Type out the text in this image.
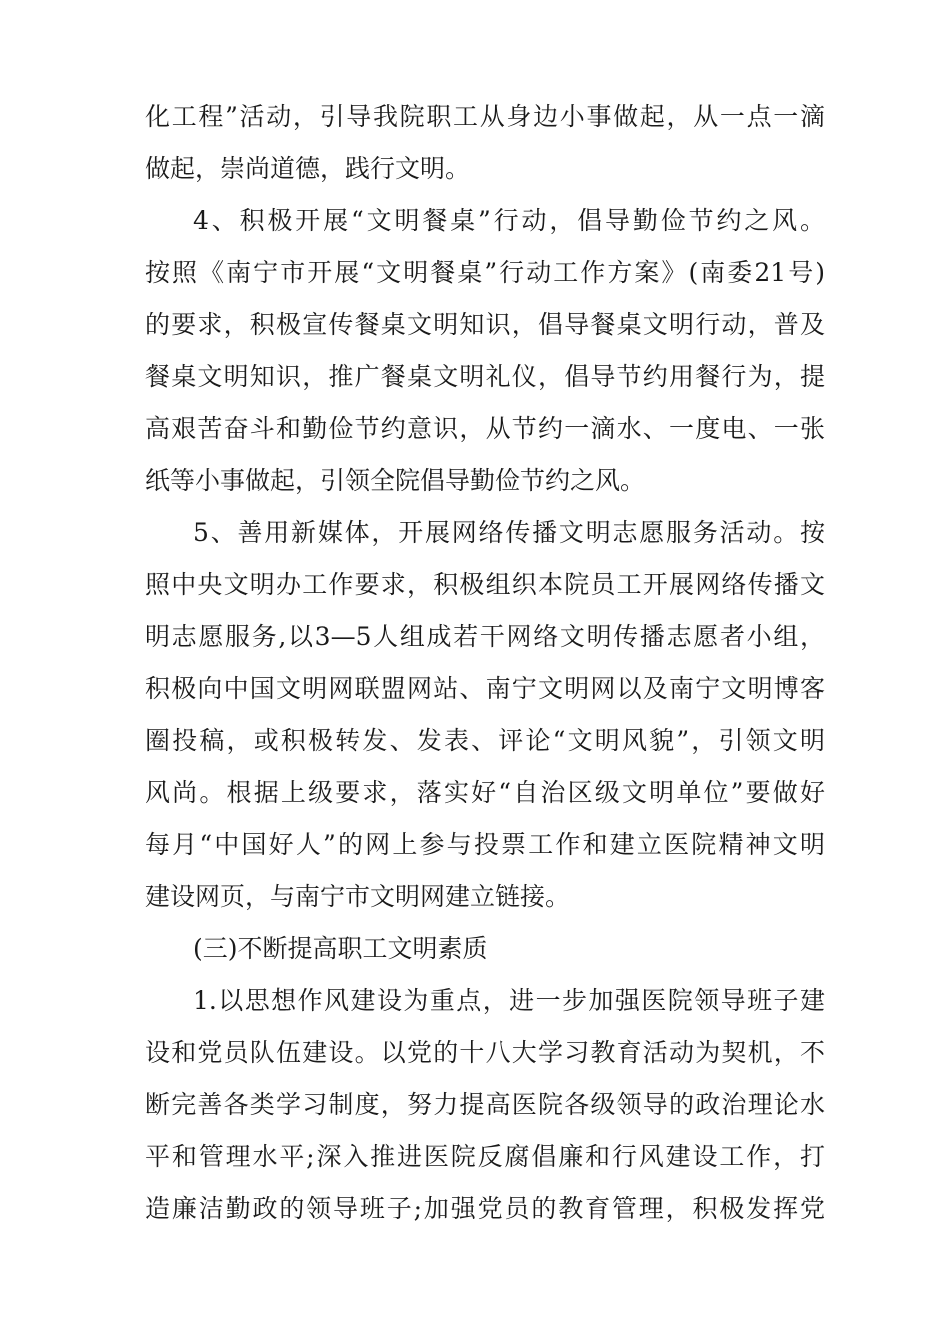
化工程”活动，引导我院职工从身边小事做起，从一点一滴
做起，崇尚道德，践行文明。
4、积极开展“文明餐桌”行动，倡导勤俭节约之风。
按照《南宁市开展“文明餐桌”行动工作方案》(南委21号)
的要求，积极宣传餐桌文明知识，倡导餐桌文明行动，普及
餐桌文明知识，推广餐桌文明礼仪，倡导节约用餐行为，提
高艰苦奋斗和勤俭节约意识，从节约一滴水、一度电、一张
纸等小事做起，引领全院倡导勤俭节约之风。
5、善用新媒体，开展网络传播文明志愿服务活动。按
照中央文明办工作要求，积极组织本院员工开展网络传播文
明志愿服务,以3—5人组成若干网络文明传播志愿者小组，
积极向中国文明网联盟网站、南宁文明网以及南宁文明博客
圈投稿，或积极转发、发表、评论“文明风貌”，引领文明
风尚。根据上级要求，落实好“自治区级文明单位”要做好
每月“中国好人”的网上参与投票工作和建立医院精神文明
建设网页，与南宁市文明网建立链接。
(三)不断提高职工文明素质
1.以思想作风建设为重点，进一步加强医院领导班子建
设和党员队伍建设。以党的十八大学习教育活动为契机，不
断完善各类学习制度，努力提高医院各级领导的政治理论水
平和管理水平;深入推进医院反腐倡廉和行风建设工作，打
造廉洁勤政的领导班子;加强党员的教育管理，积极发挥党
